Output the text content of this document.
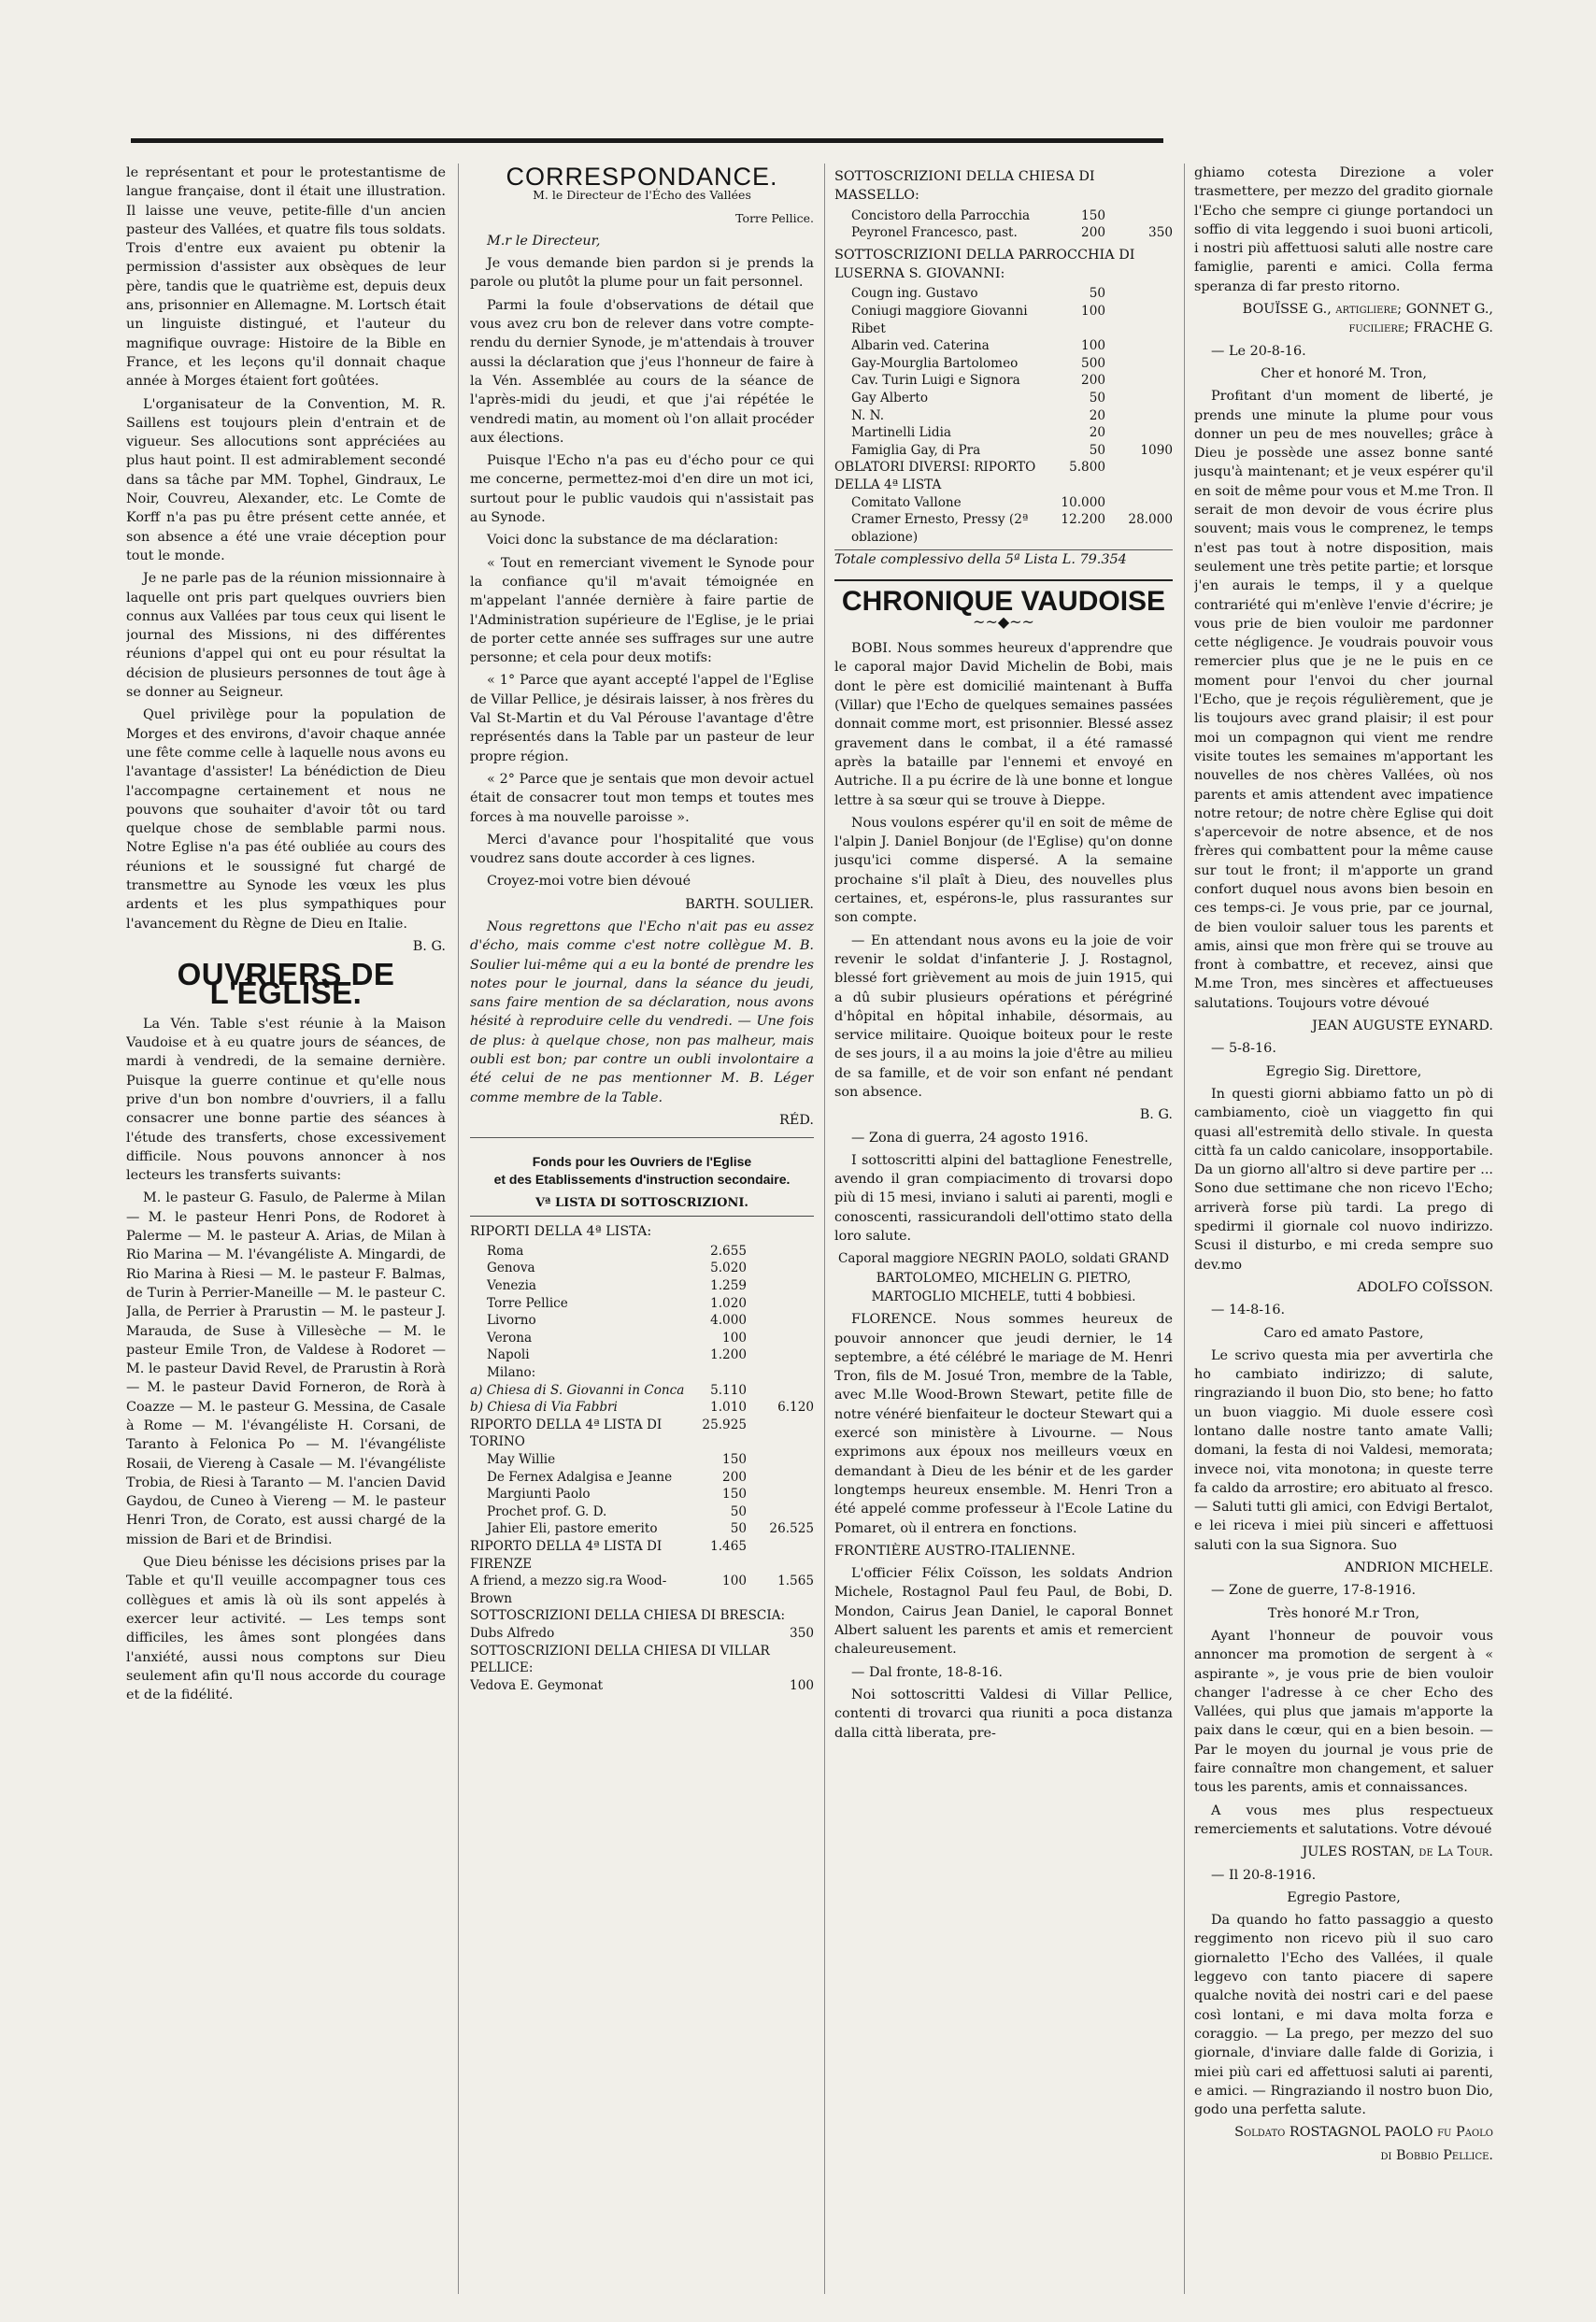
le représentant et pour le protestantisme de langue française, dont il était une illustration. Il laisse une veuve, petite-fille d'un ancien pasteur des Vallées, et quatre fils tous soldats. Trois d'entre eux avaient pu obtenir la permission d'assister aux obsèques de leur père, tandis que le quatrième est, depuis deux ans, prisonnier en Allemagne. M. Lortsch était un linguiste distingué, et l'auteur du magnifique ouvrage: Histoire de la Bible en France, et les leçons qu'il donnait chaque année à Morges étaient fort goûtées.

L'organisateur de la Convention, M. R. Saillens est toujours plein d'entrain et de vigueur. Ses allocutions sont appréciées au plus haut point. Il est admirablement secondé dans sa tâche par MM. Tophel, Gindraux, Le Noir, Couvreu, Alexander, etc. Le Comte de Korff n'a pas pu être présent cette année, et son absence a été une vraie déception pour tout le monde.

Je ne parle pas de la réunion missionnaire à laquelle ont pris part quelques ouvriers bien connus aux Vallées par tous ceux qui lisent le journal des Missions, ni des différentes réunions d'appel qui ont eu pour résultat la décision de plusieurs personnes de tout âge à se donner au Seigneur.

Quel privilège pour la population de Morges et des environs, d'avoir chaque année une fête comme celle à laquelle nous avons eu l'avantage d'assister! La bénédiction de Dieu l'accompagne certainement et nous ne pouvons que souhaiter d'avoir tôt ou tard quelque chose de semblable parmi nous. Notre Eglise n'a pas été oubliée au cours des réunions et le soussigné fut chargé de transmettre au Synode les vœux les plus ardents et les plus sympathiques pour l'avancement du Règne de Dieu en Italie.

B. G.

OUVRIERS DE L'ÉGLISE.

La Vén. Table s'est réunie à la Maison Vaudoise et à eu quatre jours de séances, de mardi à vendredi, de la semaine dernière. Puisque la guerre continue et qu'elle nous prive d'un bon nombre d'ouvriers, il a fallu consacrer une bonne partie des séances à l'étude des transferts, chose excessivement difficile. Nous pouvons annoncer à nos lecteurs les transferts suivants:

M. le pasteur G. Fasulo, de Palerme à Milan — M. le pasteur Henri Pons, de Rodoret à Palerme — M. le pasteur A. Arias, de Milan à Rio Marina — M. l'évangéliste A. Mingardi, de Rio Marina à Riesi — M. le pasteur F. Balmas, de Turin à Perrier-Maneille — M. le pasteur C. Jalla, de Perrier à Prarustin — M. le pasteur J. Marauda, de Suse à Villesèche — M. le pasteur Emile Tron, de Valdese à Rodoret — M. le pasteur David Revel, de Prarustin à Rorà — M. le pasteur David Forneron, de Rorà à Coazze — M. le pasteur G. Messina, de Casale à Rome — M. l'évangéliste H. Corsani, de Taranto à Felonica Po — M. l'évangéliste Rosaii, de Viereng à Casale — M. l'évangéliste Trobia, de Riesi à Taranto — M. l'ancien David Gaydou, de Cuneo à Viereng — M. le pasteur Henri Tron, de Corato, est aussi chargé de la mission de Bari et de Brindisi.

Que Dieu bénisse les décisions prises par la Table et qu'Il veuille accompagner tous ces collègues et amis là où ils sont appelés à exercer leur activité. — Les temps sont difficiles, les âmes sont plongées dans l'anxiété, aussi nous comptons sur Dieu seulement afin qu'Il nous accorde du courage et de la fidélité.

CORRESPONDANCE.

M. le Directeur de l'Écho des Vallées

Torre Pellice.

M.r le Directeur,

Je vous demande bien pardon si je prends la parole ou plutôt la plume pour un fait personnel.

Parmi la foule d'observations de détail que vous avez cru bon de relever dans votre compte-rendu du dernier Synode, je m'attendais à trouver aussi la déclaration que j'eus l'honneur de faire à la Vén. Assemblée au cours de la séance de l'après-midi du jeudi, et que j'ai répétée le vendredi matin, au moment où l'on allait procéder aux élections.

Puisque l'Echo n'a pas eu d'écho pour ce qui me concerne, permettez-moi d'en dire un mot ici, surtout pour le public vaudois qui n'assistait pas au Synode.

Voici donc la substance de ma déclaration:

« Tout en remerciant vivement le Synode pour la confiance qu'il m'avait témoignée en m'appelant l'année dernière à faire partie de l'Administration supérieure de l'Eglise, je le priai de porter cette année ses suffrages sur une autre personne; et cela pour deux motifs:

« 1° Parce que ayant accepté l'appel de l'Eglise de Villar Pellice, je désirais laisser, à nos frères du Val St-Martin et du Val Pérouse l'avantage d'être représentés dans la Table par un pasteur de leur propre région.

« 2° Parce que je sentais que mon devoir actuel était de consacrer tout mon temps et toutes mes forces à ma nouvelle paroisse ».

Merci d'avance pour l'hospitalité que vous voudrez sans doute accorder à ces lignes.

Croyez-moi votre bien dévoué

BARTH. SOULIER.

Nous regrettons que l'Echo n'ait pas eu assez d'écho, mais comme c'est notre collègue M. B. Soulier lui-même qui a eu la bonté de prendre les notes pour le journal, dans la séance du jeudi, sans faire mention de sa déclaration, nous avons hésité à reproduire celle du vendredi. — Une fois de plus: à quelque chose, non pas malheur, mais oubli est bon; par contre un oubli involontaire a été celui de ne pas mentionner M. B. Léger comme membre de la Table.

RÉD.

Fonds pour les Ouvriers de l'Eglise
et des Etablissements d'instruction secondaire.
Vª LISTA DI SOTTOSCRIZIONI.
RIPORTI DELLA 4ª LISTA:
Roma	2.655	
Genova	5.020	
Venezia	1.259	
Torre Pellice	1.020	
Livorno	4.000	
Verona	100	
Napoli	1.200	
Milano:		
a) Chiesa di S. Giovanni in Conca	5.110	
b) Chiesa di Via Fabbri	1.010	6.120
RIPORTO DELLA 4ª LISTA DI TORINO	25.925	
May Willie	150	
De Fernex Adalgisa e Jeanne	200	
Margiunti Paolo	150	
Prochet prof. G. D.	50	
Jahier Eli, pastore emerito	50	26.525
RIPORTO DELLA 4ª LISTA DI FIRENZE	1.465	
A friend, a mezzo sig.ra Wood-Brown	100	1.565
SOTTOSCRIZIONI DELLA CHIESA DI BRESCIA:		
Dubs Alfredo		350
SOTTOSCRIZIONI DELLA CHIESA DI VILLAR PELLICE:		
Vedova E. Geymonat		100
SOTTOSCRIZIONI DELLA CHIESA DI MASSELLO:
Concistoro della Parrocchia	150	
Peyronel Francesco, past.	200	350
SOTTOSCRIZIONI DELLA PARROCCHIA DI LUSERNA S. GIOVANNI:
Cougn ing. Gustavo	50	
Coniugi maggiore Giovanni Ribet	100	
Albarin ved. Caterina	100	
Gay-Mourglia Bartolomeo	500	
Cav. Turin Luigi e Signora	200	
Gay Alberto	50	
N. N.	20	
Martinelli Lidia	20	
Famiglia Gay, di Pra	50	1090
OBLATORI DIVERSI: RIPORTO DELLA 4ª LISTA	5.800	
Comitato Vallone	10.000	
Cramer Ernesto, Pressy (2ª oblazione)	12.200	28.000

Totale complessivo della 5ª Lista L. 79.354

CHRONIQUE VAUDOISE
~~◆~~

BOBI. Nous sommes heureux d'apprendre que le caporal major David Michelin de Bobi, mais dont le père est domicilié maintenant à Buffa (Villar) que l'Echo de quelques semaines passées donnait comme mort, est prisonnier. Blessé assez gravement dans le combat, il a été ramassé après la bataille par l'ennemi et envoyé en Autriche. Il a pu écrire de là une bonne et longue lettre à sa sœur qui se trouve à Dieppe.

Nous voulons espérer qu'il en soit de même de l'alpin J. Daniel Bonjour (de l'Eglise) qu'on donne jusqu'ici comme dispersé. A la semaine prochaine s'il plaît à Dieu, des nouvelles plus certaines, et, espérons-le, plus rassurantes sur son compte.

— En attendant nous avons eu la joie de voir revenir le soldat d'infanterie J. J. Rostagnol, blessé fort grièvement au mois de juin 1915, qui a dû subir plusieurs opérations et pérégriné d'hôpital en hôpital inhabile, désormais, au service militaire. Quoique boiteux pour le reste de ses jours, il a au moins la joie d'être au milieu de sa famille, et de voir son enfant né pendant son absence.

B. G.

— Zona di guerra, 24 agosto 1916.

I sottoscritti alpini del battaglione Fenestrelle, avendo il gran compiacimento di trovarsi dopo più di 15 mesi, inviano i saluti ai parenti, mogli e conoscenti, rassicurandoli dell'ottimo stato della loro salute.

Caporal maggiore NEGRIN PAOLO, soldati GRAND BARTOLOMEO, MICHELIN G. PIETRO, MARTOGLIO MICHELE, tutti 4 bobbiesi.

FLORENCE. Nous sommes heureux de pouvoir annoncer que jeudi dernier, le 14 septembre, a été célébré le mariage de M. Henri Tron, fils de M. Josué Tron, membre de la Table, avec M.lle Wood-Brown Stewart, petite fille de notre vénéré bienfaiteur le docteur Stewart qui a exercé son ministère à Livourne. — Nous exprimons aux époux nos meilleurs vœux en demandant à Dieu de les bénir et de les garder longtemps heureux ensemble. M. Henri Tron a été appelé comme professeur à l'Ecole Latine du Pomaret, où il entrera en fonctions.

FRONTIÈRE AUSTRO-ITALIENNE.

L'officier Félix Coïsson, les soldats Andrion Michele, Rostagnol Paul feu Paul, de Bobi, D. Mondon, Cairus Jean Daniel, le caporal Bonnet Albert saluent les parents et amis et remercient chaleureusement.

— Dal fronte, 18-8-16.

Noi sottoscritti Valdesi di Villar Pellice, contenti di trovarci qua riuniti a poca distanza dalla città liberata, pre-

ghiamo cotesta Direzione a voler trasmettere, per mezzo del gradito giornale l'Echo che sempre ci giunge portandoci un soffio di vita leggendo i suoi buoni articoli, i nostri più affettuosi saluti alle nostre care famiglie, parenti e amici. Colla ferma speranza di far presto ritorno.

BOUÏSSE G., artigliere; GONNET G., fuciliere; FRACHE G.

— Le 20-8-16.

Cher et honoré M. Tron,

Profitant d'un moment de liberté, je prends une minute la plume pour vous donner un peu de mes nouvelles; grâce à Dieu je possède une assez bonne santé jusqu'à maintenant; et je veux espérer qu'il en soit de même pour vous et M.me Tron. Il serait de mon devoir de vous écrire plus souvent; mais vous le comprenez, le temps n'est pas tout à notre disposition, mais seulement une très petite partie; et lorsque j'en aurais le temps, il y a quelque contrariété qui m'enlève l'envie d'écrire; je vous prie de bien vouloir me pardonner cette négligence. Je voudrais pouvoir vous remercier plus que je ne le puis en ce moment pour l'envoi du cher journal l'Echo, que je reçois régulièrement, que je lis toujours avec grand plaisir; il est pour moi un compagnon qui vient me rendre visite toutes les semaines m'apportant les nouvelles de nos chères Vallées, où nos parents et amis attendent avec impatience notre retour; de notre chère Eglise qui doit s'apercevoir de notre absence, et de nos frères qui combattent pour la même cause sur tout le front; il m'apporte un grand confort duquel nous avons bien besoin en ces temps-ci. Je vous prie, par ce journal, de bien vouloir saluer tous les parents et amis, ainsi que mon frère qui se trouve au front à combattre, et recevez, ainsi que M.me Tron, mes sincères et affectueuses salutations. Toujours votre dévoué

JEAN AUGUSTE EYNARD.

— 5-8-16.

Egregio Sig. Direttore,

In questi giorni abbiamo fatto un pò di cambiamento, cioè un viaggetto fin qui quasi all'estremità dello stivale. In questa città fa un caldo canicolare, insopportabile. Da un giorno all'altro si deve partire per ... Sono due settimane che non ricevo l'Echo; arriverà forse più tardi. La prego di spedirmi il giornale col nuovo indirizzo. Scusi il disturbo, e mi creda sempre suo dev.mo

ADOLFO COÏSSON.

— 14-8-16.

Caro ed amato Pastore,

Le scrivo questa mia per avvertirla che ho cambiato indirizzo; di salute, ringraziando il buon Dio, sto bene; ho fatto un buon viaggio. Mi duole essere così lontano dalle nostre tanto amate Valli; domani, la festa di noi Valdesi, memorata; invece noi, vita monotona; in queste terre fa caldo da arrostire; ero abituato al fresco. — Saluti tutti gli amici, con Edvigi Bertalot, e lei riceva i miei più sinceri e affettuosi saluti con la sua Signora. Suo

ANDRION MICHELE.

— Zone de guerre, 17-8-1916.

Très honoré M.r Tron,

Ayant l'honneur de pouvoir vous annoncer ma promotion de sergent à « aspirante », je vous prie de bien vouloir changer l'adresse à ce cher Echo des Vallées, qui plus que jamais m'apporte la paix dans le cœur, qui en a bien besoin. — Par le moyen du journal je vous prie de faire connaître mon changement, et saluer tous les parents, amis et connaissances.

A vous mes plus respectueux remerciements et salutations. Votre dévoué

JULES ROSTAN, de La Tour.

— Il 20-8-1916.

Egregio Pastore,

Da quando ho fatto passaggio a questo reggimento non ricevo più il suo caro giornaletto l'Echo des Vallées, il quale leggevo con tanto piacere di sapere qualche novità dei nostri cari e del paese così lontani, e mi dava molta forza e coraggio. — La prego, per mezzo del suo giornale, d'inviare dalle falde di Gorizia, i miei più cari ed affettuosi saluti ai parenti, e amici. — Ringraziando il nostro buon Dio, godo una perfetta salute.

Soldato ROSTAGNOL PAOLO fu Paolo

di Bobbio Pellice.
